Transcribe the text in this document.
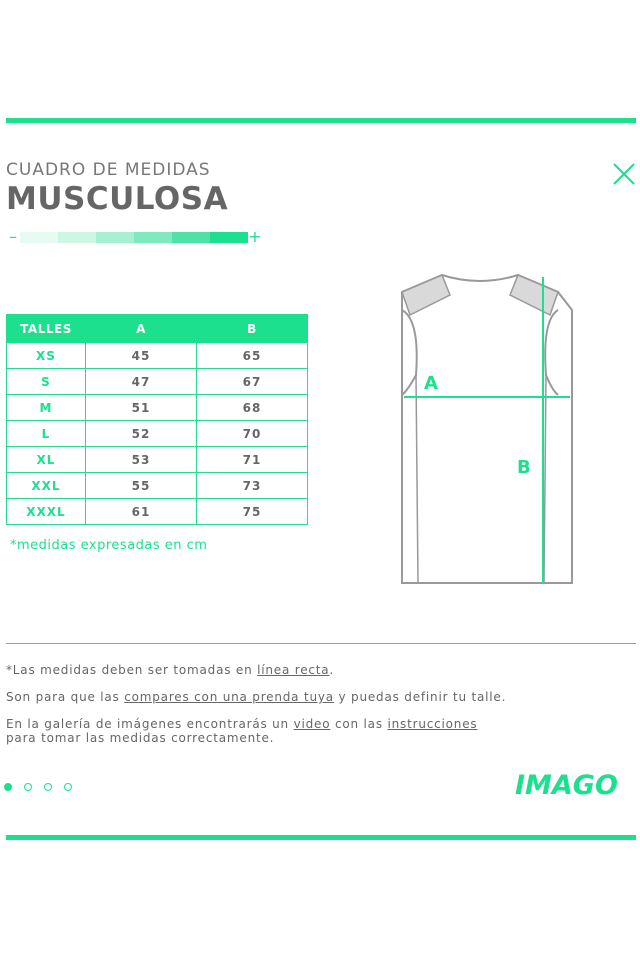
CUADRO DE MEDIDAS
MUSCULOSA
–	+
TALLES	A	B
XS	45	65
S	47	67
M	51	68
L	52	70
XL	53	71
XXL	55	73
XXXL	61	75
*medidas expresadas en cm
A
B
*Las medidas deben ser tomadas en línea recta.
Son para que las compares con una prenda tuya y puedas definir tu talle.
En la galería de imágenes encontrarás un video con las instrucciones
para tomar las medidas correctamente.
IMAGO
